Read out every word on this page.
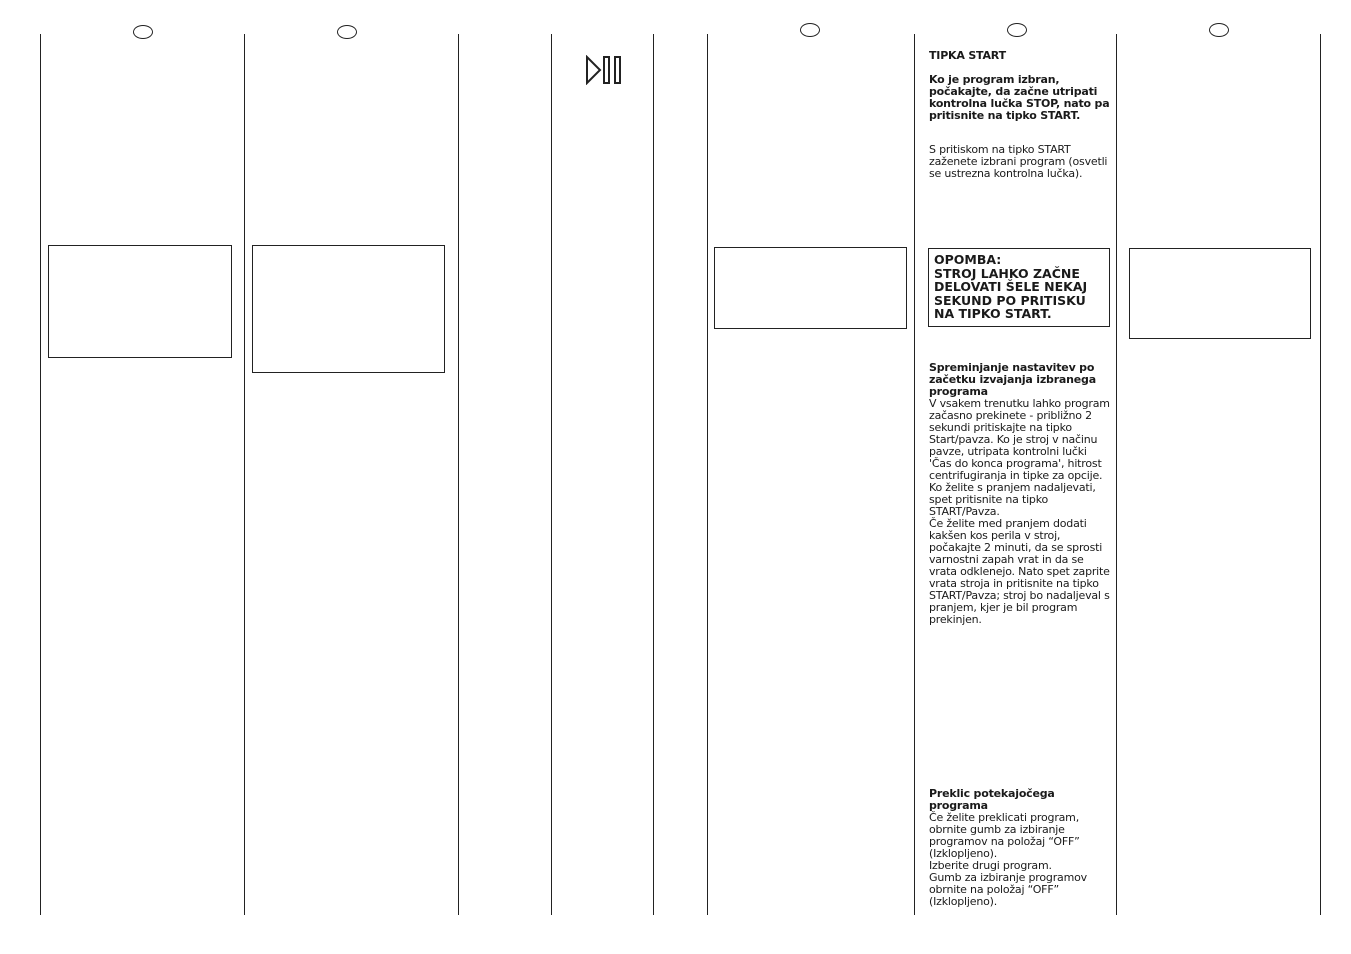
TIPKA START

Ko je program izbran, počakajte, da začne utripati kontrolna lučka STOP, nato pa pritisnite na tipko START.

S pritiskom na tipko START zaženete izbrani program (osvetli se ustrezna kontrolna lučka).

OPOMBA:
STROJ LAHKO ZAČNE DELOVATI ŠELE NEKAJ SEKUND PO PRITISKU NA TIPKO START.

Spreminjanje nastavitev po začetku izvajanja izbranega programa

V vsakem trenutku lahko program začasno prekinete - približno 2 sekundi pritiskajte na tipko Start/pavza. Ko je stroj v načinu pavze, utripata kontrolni lučki 'Čas do konca programa', hitrost centrifugiranja in tipke za opcije. Ko želite s pranjem nadaljevati, spet pritisnite na tipko START/Pavza.

Če želite med pranjem dodati kakšen kos perila v stroj, počakajte 2 minuti, da se sprosti varnostni zapah vrat in da se vrata odklenejo. Nato spet zaprite vrata stroja in pritisnite na tipko START/Pavza; stroj bo nadaljeval s pranjem, kjer je bil program prekinjen.

Preklic potekajočega programa

Če želite preklicati program, obrnite gumb za izbiranje programov na položaj “OFF” (Izklopljeno).

Izberite drugi program.

Gumb za izbiranje programov obrnite na položaj “OFF” (Izklopljeno).
